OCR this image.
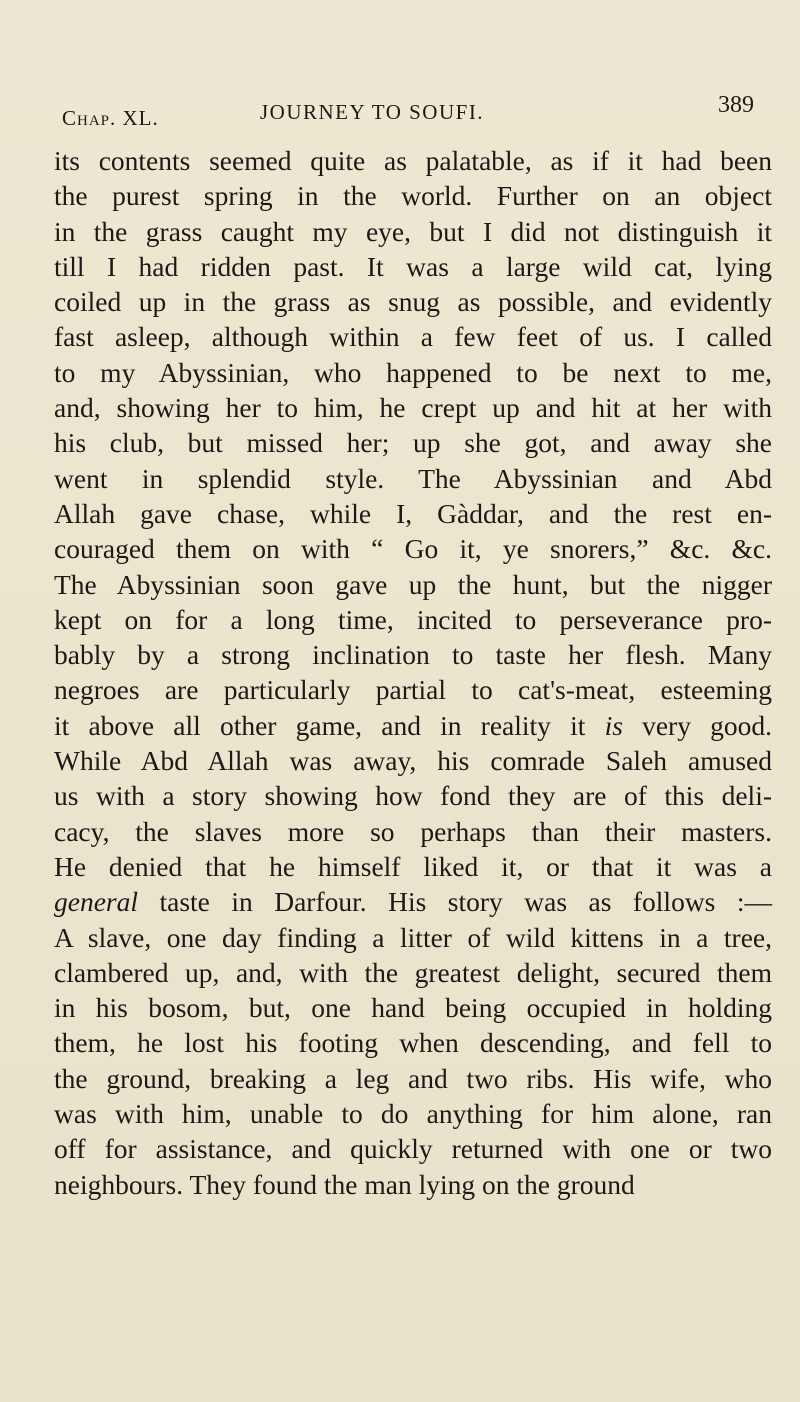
Chap. XL.	JOURNEY TO SOUFI.	389
its contents seemed quite as palatable, as if it had been
the purest spring in the world. Further on an object
in the grass caught my eye, but I did not distinguish it
till I had ridden past. It was a large wild cat, lying
coiled up in the grass as snug as possible, and evidently
fast asleep, although within a few feet of us. I called
to my Abyssinian, who happened to be next to me,
and, showing her to him, he crept up and hit at her with
his club, but missed her; up she got, and away she
went in splendid style. The Abyssinian and Abd
Allah gave chase, while I, Gàddar, and the rest en-
couraged them on with “ Go it, ye snorers,” &c. &c.
The Abyssinian soon gave up the hunt, but the nigger
kept on for a long time, incited to perseverance pro-
bably by a strong inclination to taste her flesh. Many
negroes are particularly partial to cat's-meat, esteeming
it above all other game, and in reality it is very good.
While Abd Allah was away, his comrade Saleh amused
us with a story showing how fond they are of this deli-
cacy, the slaves more so perhaps than their masters.
He denied that he himself liked it, or that it was a
general taste in Darfour. His story was as follows :—
A slave, one day finding a litter of wild kittens in a tree,
clambered up, and, with the greatest delight, secured them
in his bosom, but, one hand being occupied in holding
them, he lost his footing when descending, and fell to
the ground, breaking a leg and two ribs. His wife, who
was with him, unable to do anything for him alone, ran
off for assistance, and quickly returned with one or two
neighbours. They found the man lying on the ground
